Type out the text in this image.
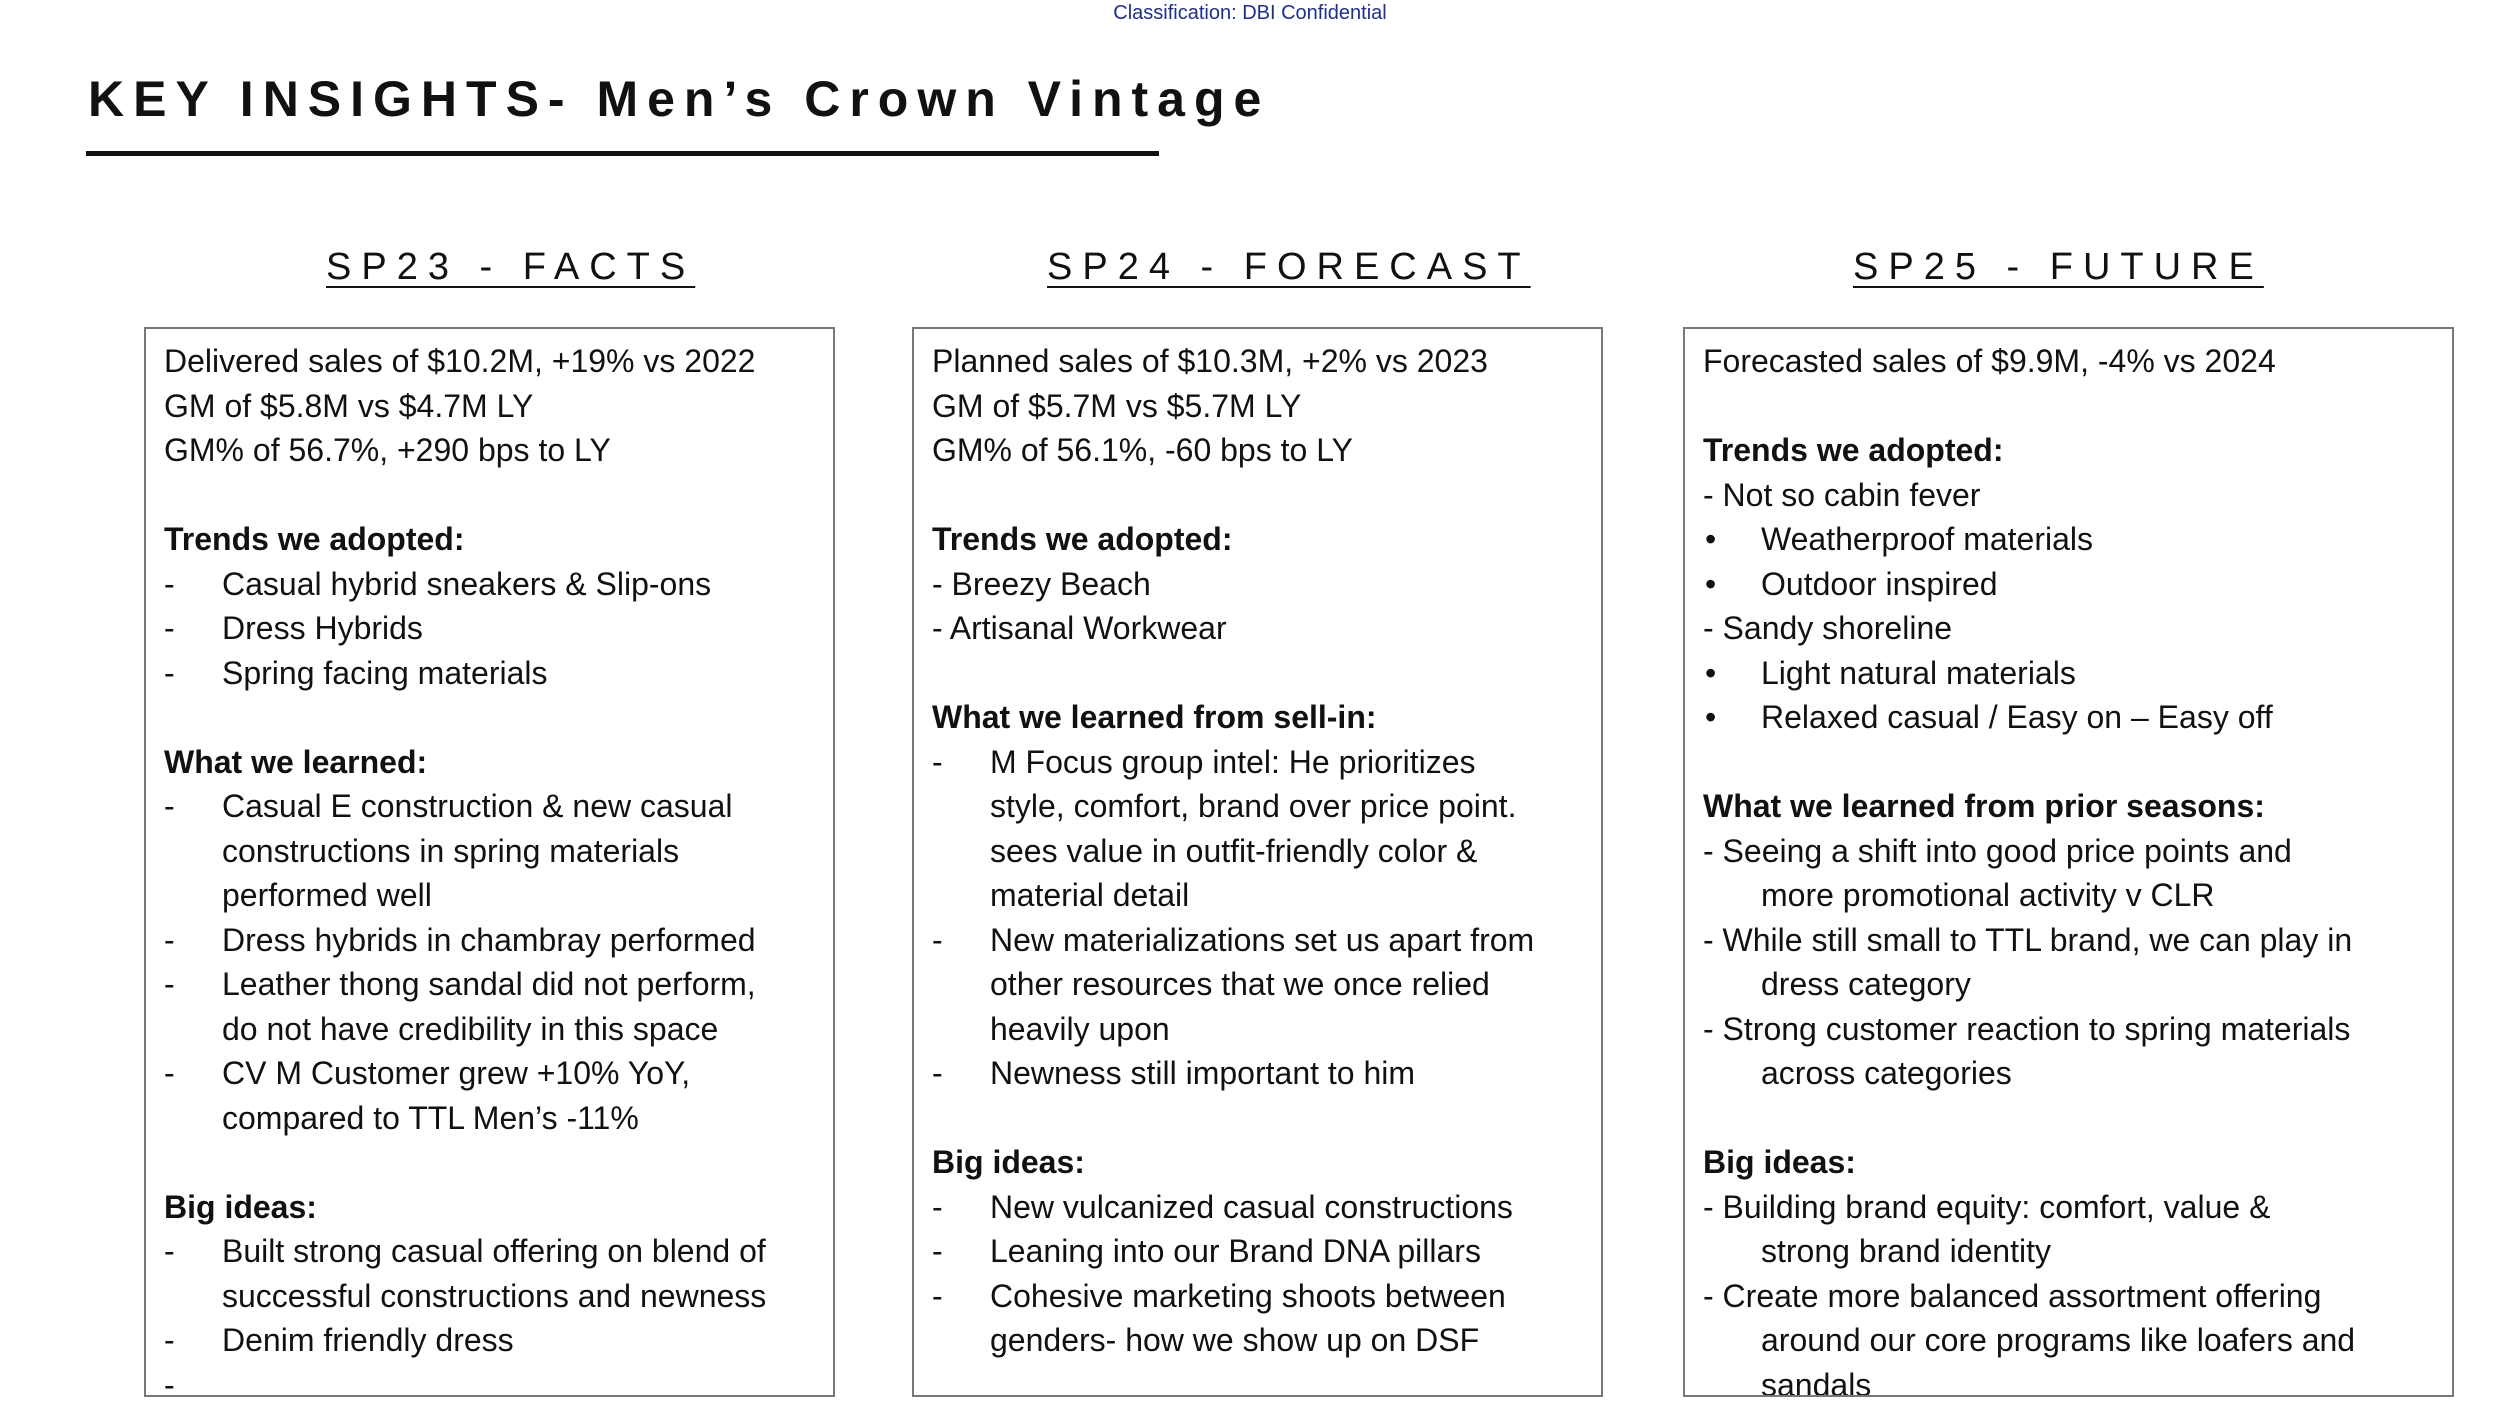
Classification: DBI Confidential
KEY INSIGHTS- Men’s Crown Vintage
SP23 - FACTS	SP24 - FORECAST	SP25 - FUTURE

Delivered sales of $10.2M, +19% vs 2022

GM of $5.8M vs $4.7M LY

GM% of 56.7%, +290 bps to LY

Trends we adopted:

- Casual hybrid sneakers & Slip-ons
- Dress Hybrids
- Spring facing materials

What we learned:

- Casual E construction & new casual
constructions in spring materials
performed well
- Dress hybrids in chambray performed
- Leather thong sandal did not perform,
do not have credibility in this space
- CV M Customer grew +10% YoY,
compared to TTL Men’s -11%

Big ideas:

- Built strong casual offering on blend of
successful constructions and newness
- Denim friendly dress
-

Planned sales of $10.3M, +2% vs 2023

GM of $5.7M vs $5.7M LY

GM% of 56.1%, -60 bps to LY

Trends we adopted:

- Breezy Beach

- Artisanal Workwear

What we learned from sell-in:

- M Focus group intel: He prioritizes
style, comfort, brand over price point.
sees value in outfit-friendly color &
material detail
- New materializations set us apart from
other resources that we once relied
heavily upon
- Newness still important to him

Big ideas:

- New vulcanized casual constructions
- Leaning into our Brand DNA pillars
- Cohesive marketing shoots between
genders- how we show up on DSF

Forecasted sales of $9.9M, -4% vs 2024

Trends we adopted:

- Not so cabin fever

• Weatherproof materials
• Outdoor inspired

- Sandy shoreline

• Light natural materials
• Relaxed casual / Easy on – Easy off

What we learned from prior seasons:

- Seeing a shift into good price points and

more promotional activity v CLR

- While still small to TTL brand, we can play in

dress category

- Strong customer reaction to spring materials

across categories

Big ideas:

- Building brand equity: comfort, value &

strong brand identity

- Create more balanced assortment offering

around our core programs like loafers and

sandals
